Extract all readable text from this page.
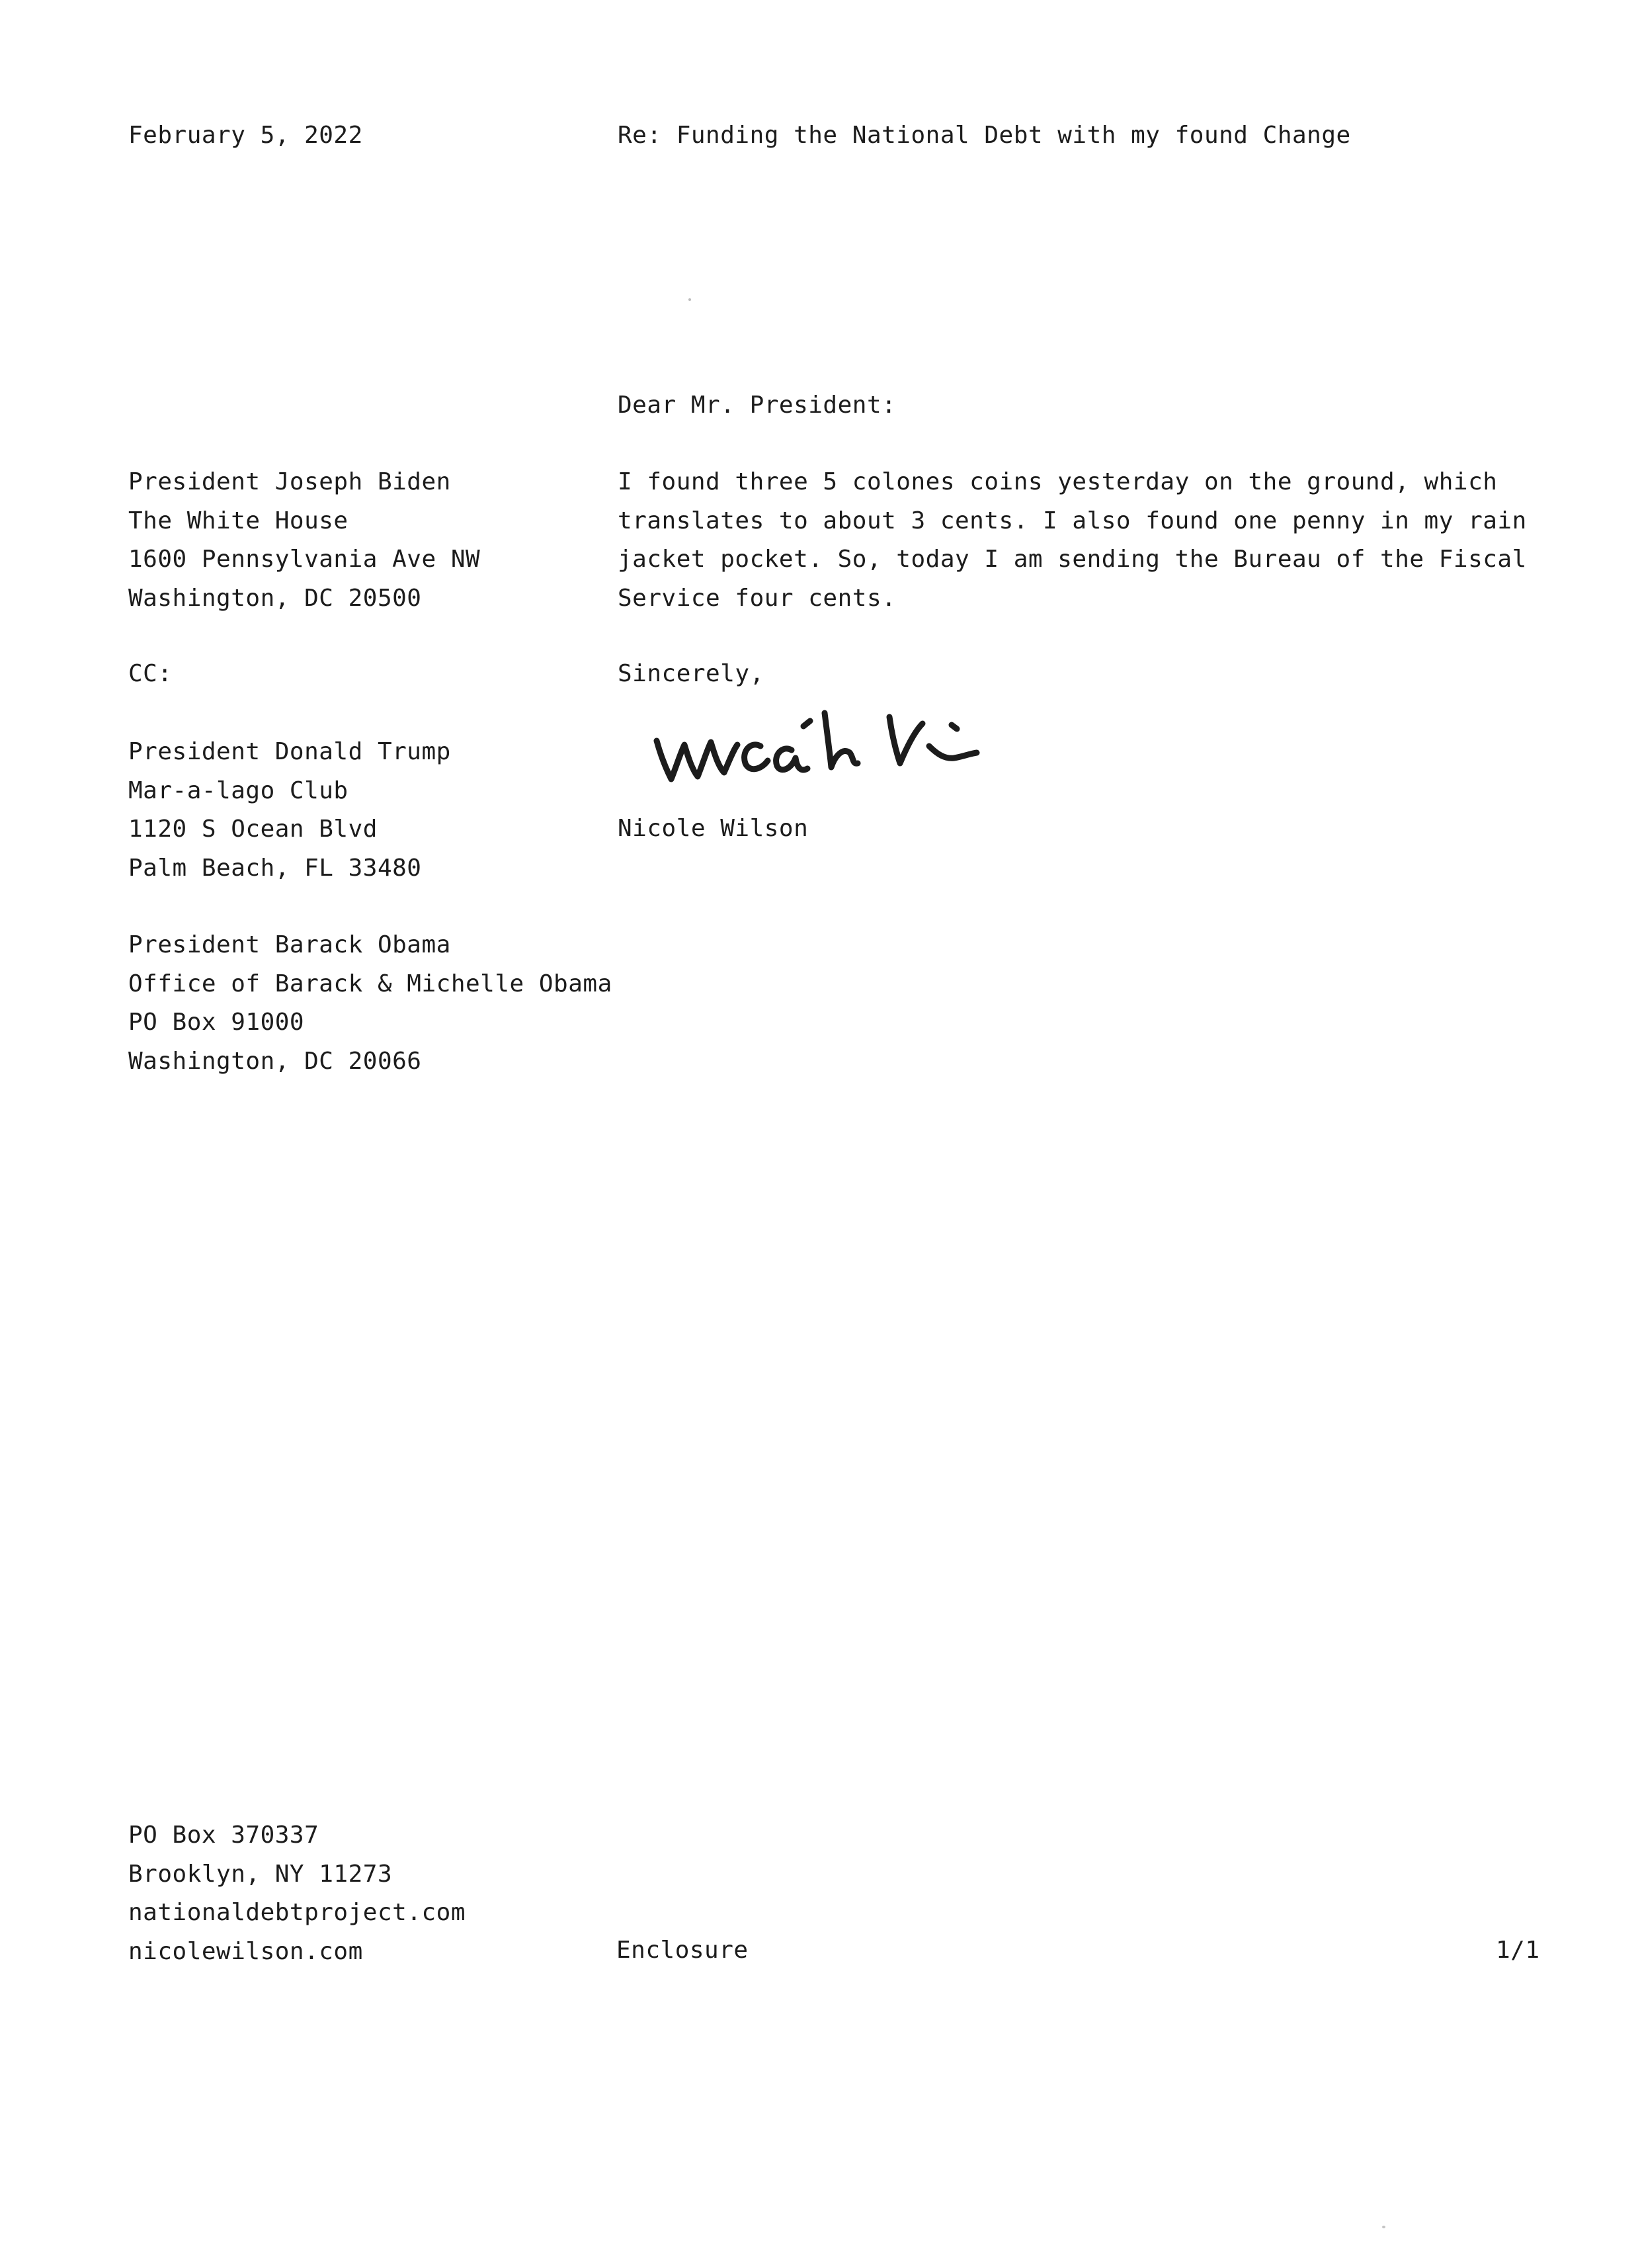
February 5, 2022	Re: Funding the National Debt with my found Change
Dear Mr. President:
President Joseph Biden
The White House
1600 Pennsylvania Ave NW
Washington, DC 20500
I found three 5 colones coins yesterday on the ground, which
translates to about 3 cents. I also found one penny in my rain
jacket pocket. So, today I am sending the Bureau of the Fiscal
Service four cents.
CC:	Sincerely,
Nicole Wilson
President Donald Trump
Mar-a-lago Club
1120 S Ocean Blvd
Palm Beach, FL 33480
President Barack Obama
Office of Barack & Michelle Obama
PO Box 91000
Washington, DC 20066
PO Box 370337
Brooklyn, NY 11273
nationaldebtproject.com
nicolewilson.com	Enclosure	1/1
